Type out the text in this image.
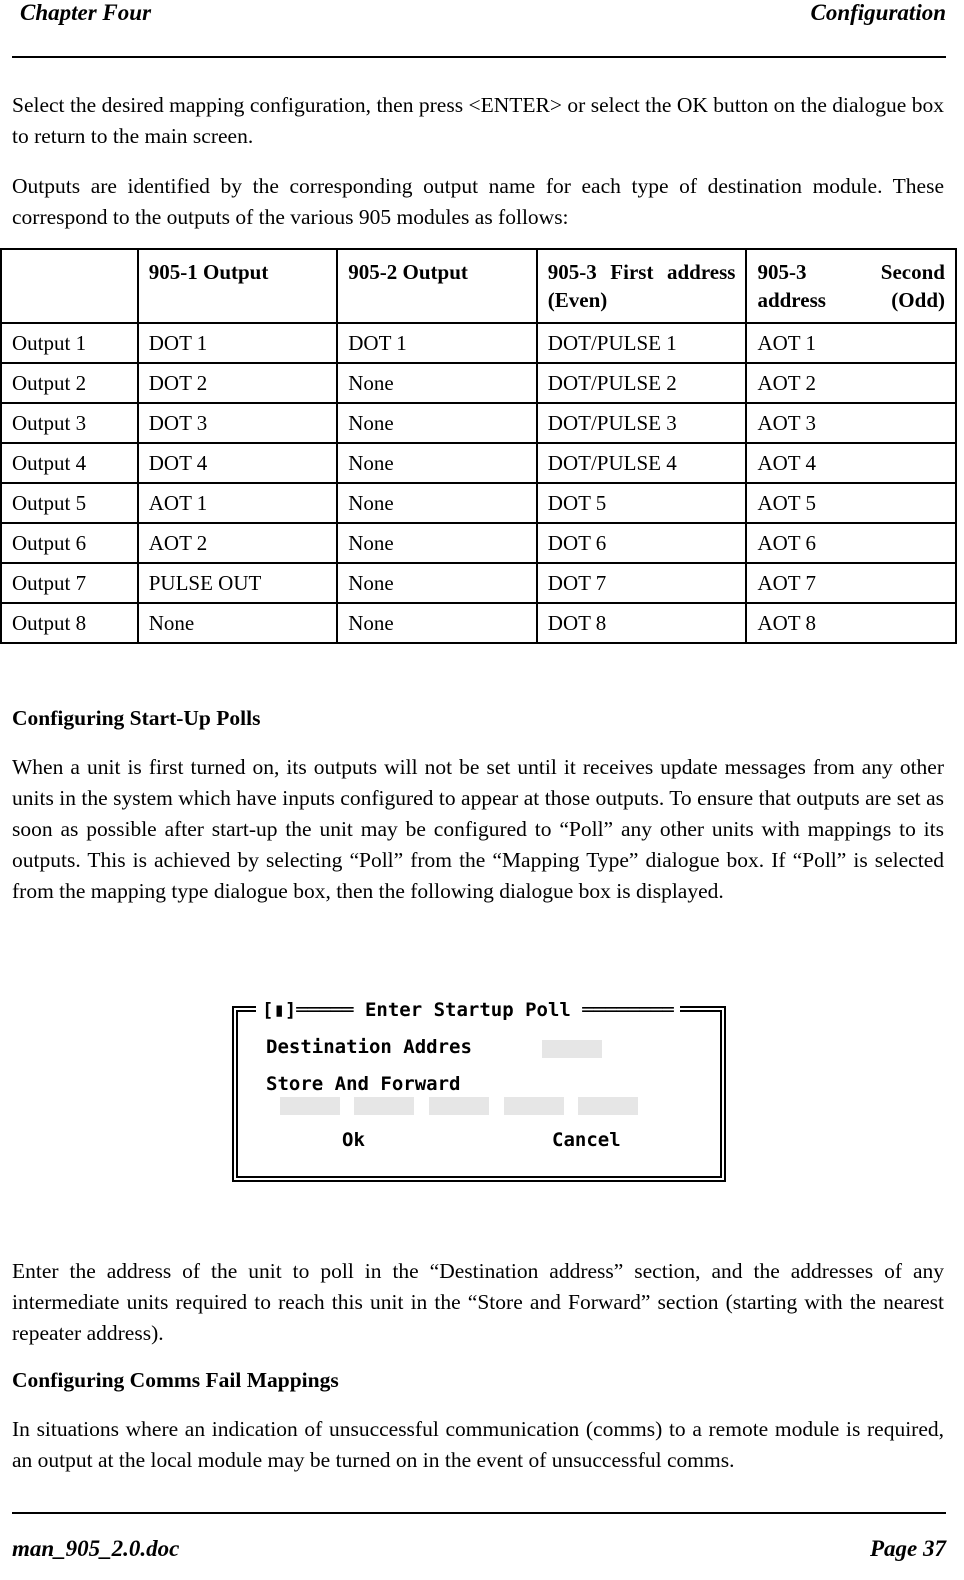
Chapter Four	Configuration

Select the desired mapping configuration, then press <ENTER> or select the OK button on the dialogue box to return to the main screen.

Outputs are identified by the corresponding output name for each type of destination module. These correspond to the outputs of the various 905 modules as follows:

	905-1 Output	905-2 Output	905-3 First address (Even)	905-3 Second address (Odd)
Output 1	DOT 1	DOT 1	DOT/PULSE 1	AOT 1
Output 2	DOT 2	None	DOT/PULSE 2	AOT 2
Output 3	DOT 3	None	DOT/PULSE 3	AOT 3
Output 4	DOT 4	None	DOT/PULSE 4	AOT 4
Output 5	AOT 1	None	DOT 5	AOT 5
Output 6	AOT 2	None	DOT 6	AOT 6
Output 7	PULSE OUT	None	DOT 7	AOT 7
Output 8	None	None	DOT 8	AOT 8
Configuring Start-Up Polls

When a unit is first turned on, its outputs will not be set until it receives update messages from any other units in the system which have inputs configured to appear at those outputs. To ensure that outputs are set as soon as possible after start-up the unit may be configured to “Poll” any other units with mappings to its outputs. This is achieved by selecting “Poll” from the “Mapping Type” dialogue box. If “Poll” is selected from the mapping type dialogue box, then the following dialogue box is displayed.

[▮]═════ Enter Startup Poll ════════
Destination Addres
Store And Forward
Ok	Cancel

Enter the address of the unit to poll in the “Destination address” section, and the addresses of any intermediate units required to reach this unit in the “Store and Forward” section (starting with the nearest repeater address).

Configuring Comms Fail Mappings

In situations where an indication of unsuccessful communication (comms) to a remote module is required, an output at the local module may be turned on in the event of unsuccessful comms.

man_905_2.0.doc	Page 37
